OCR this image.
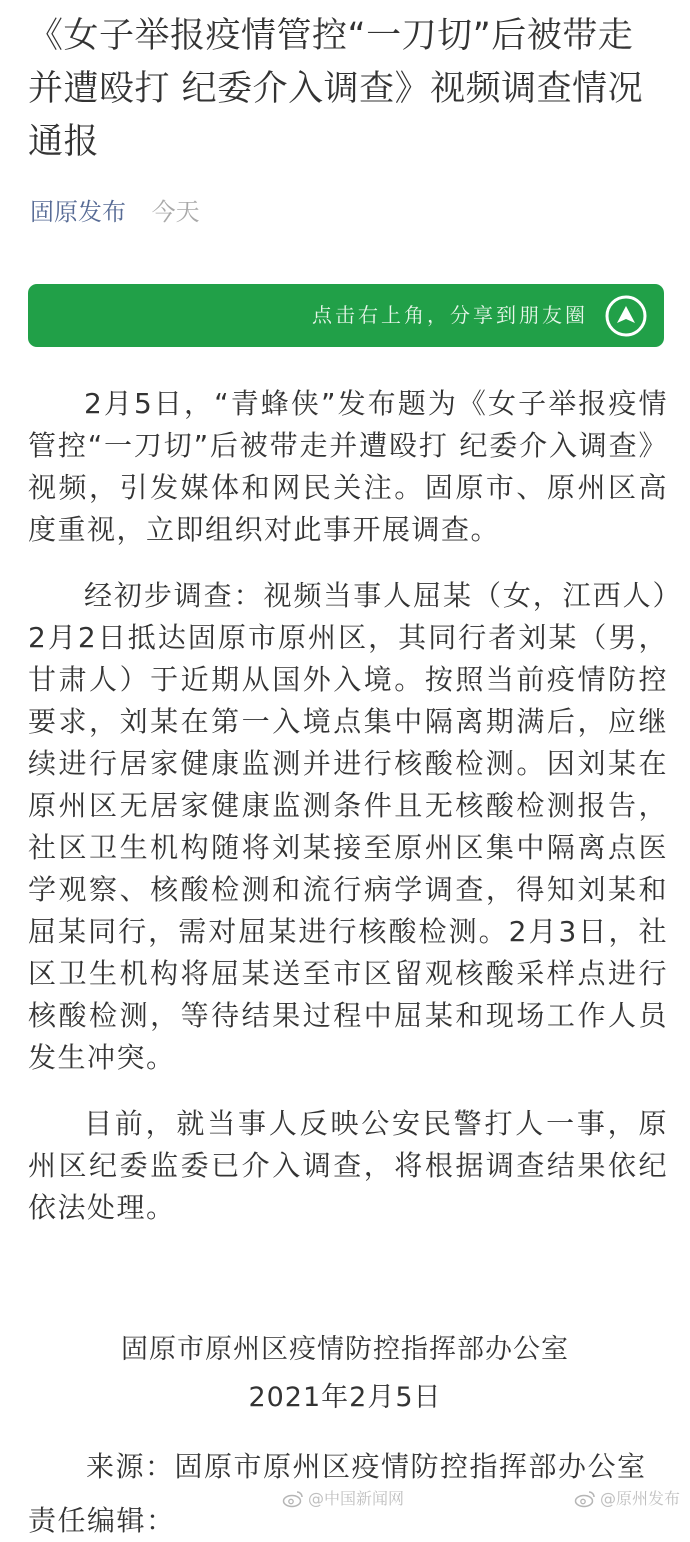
《女子举报疫情管控“一刀切”后被带走并遭殴打 纪委介入调查》视频调查情况通报
固原发布 今天
点击右上角，分享到朋友圈

2月5日，“青蜂侠”发布题为《女子举报疫情管控“一刀切”后被带走并遭殴打 纪委介入调查》视频，引发媒体和网民关注。固原市、原州区高度重视，立即组织对此事开展调查。

经初步调查：视频当事人屈某（女，江西人）2月2日抵达固原市原州区，其同行者刘某（男，甘肃人）于近期从国外入境。按照当前疫情防控要求，刘某在第一入境点集中隔离期满后，应继续进行居家健康监测并进行核酸检测。因刘某在原州区无居家健康监测条件且无核酸检测报告，社区卫生机构随将刘某接至原州区集中隔离点医学观察、核酸检测和流行病学调查，得知刘某和屈某同行，需对屈某进行核酸检测。2月3日，社区卫生机构将屈某送至市区留观核酸采样点进行核酸检测，等待结果过程中屈某和现场工作人员发生冲突。

目前，就当事人反映公安民警打人一事，原州区纪委监委已介入调查，将根据调查结果依纪依法处理。

固原市原州区疫情防控指挥部办公室
2021年2月5日
来源：固原市原州区疫情防控指挥部办公室
责任编辑：
@中国新闻网	@原州发布
